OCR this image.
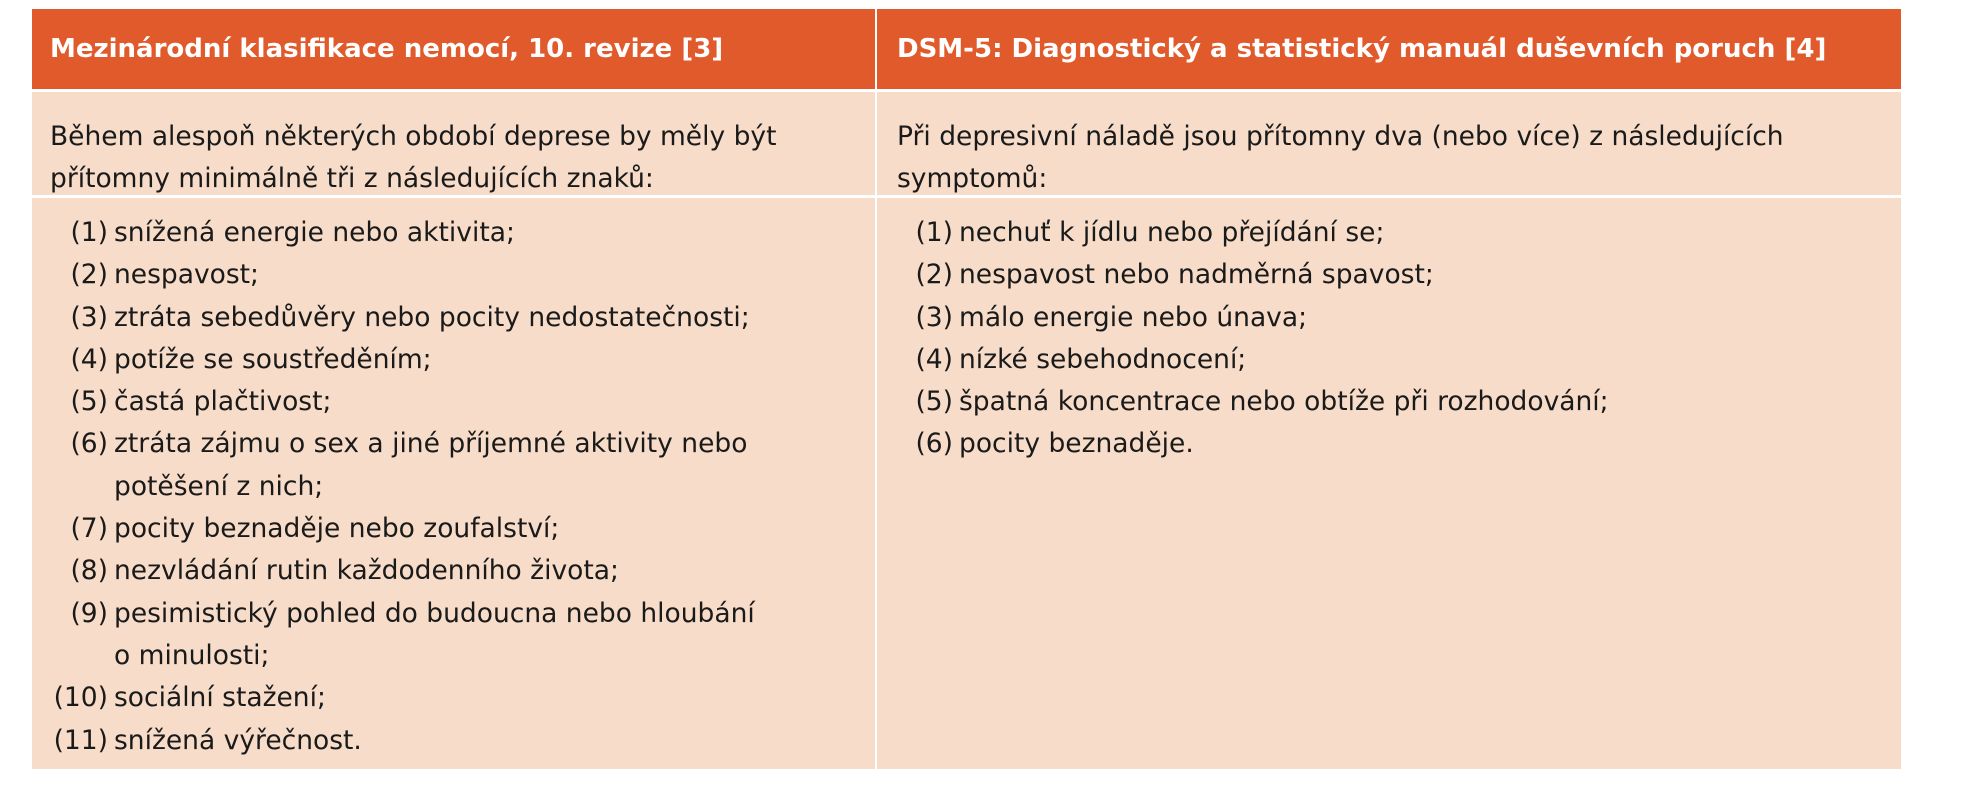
Mezinárodní klasifikace nemocí, 10. revize [3]	DSM-5: Diagnostický a statistický manuál duševních poruch [4]
Během alespoň některých období deprese by měly být
přítomny minimálně tři z následujících znaků:
Při depresivní náladě jsou přítomny dva (nebo více) z následujících
symptomů:
(1) snížená energie nebo aktivita;
(2) nespavost;
(3) ztráta sebedůvěry nebo pocity nedostatečnosti;
(4) potíže se soustředěním;
(5) častá plačtivost;
(6) ztráta zájmu o sex a jiné příjemné aktivity nebo
potěšení z nich;
(7) pocity beznaděje nebo zoufalství;
(8) nezvládání rutin každodenního života;
(9) pesimistický pohled do budoucna nebo hloubání
o minulosti;
(10) sociální stažení;
(11) snížená výřečnost.
(1) nechuť k jídlu nebo přejídání se;
(2) nespavost nebo nadměrná spavost;
(3) málo energie nebo únava;
(4) nízké sebehodnocení;
(5) špatná koncentrace nebo obtíže při rozhodování;
(6) pocity beznaděje.
